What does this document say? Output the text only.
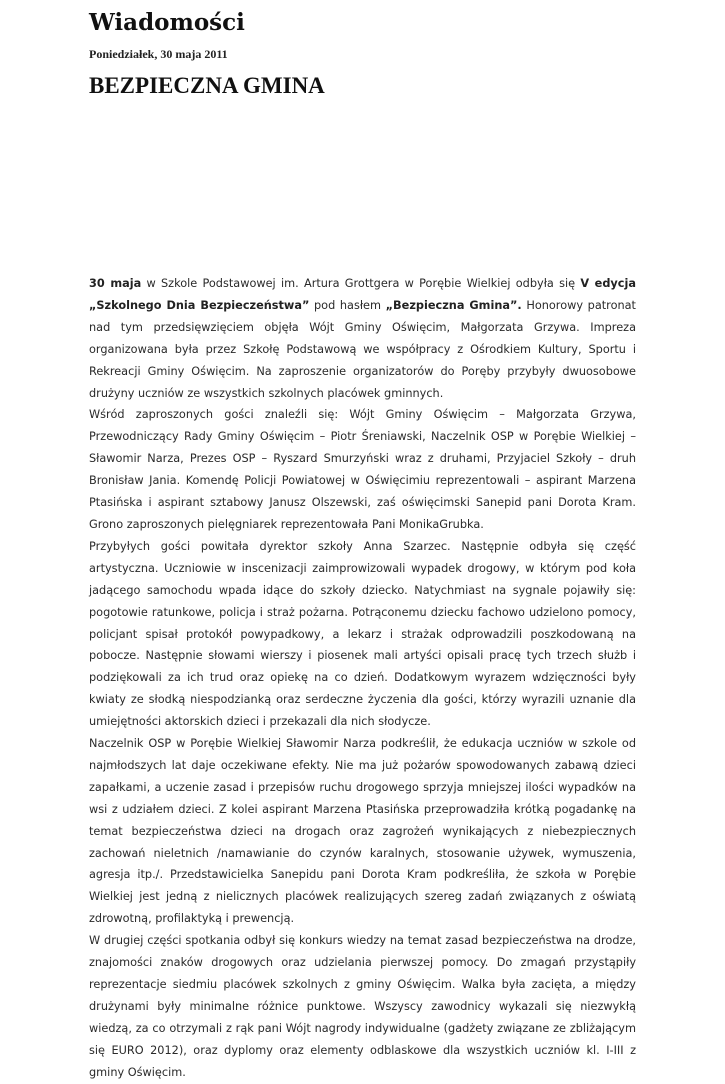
Wiadomości
Poniedziałek, 30 maja 2011
BEZPIECZNA GMINA

30 maja w Szkole Podstawowej im. Artura Grottgera w Porębie Wielkiej odbyła się V edycja „Szkolnego Dnia Bezpieczeństwa” pod hasłem „Bezpieczna Gmina”. Honorowy patronat nad tym przedsięwzięciem objęła Wójt Gminy Oświęcim, Małgorzata Grzywa. Impreza organizowana była przez Szkołę Podstawową we współpracy z Ośrodkiem Kultury, Sportu i Rekreacji Gminy Oświęcim. Na zaproszenie organizatorów do Poręby przybyły dwuosobowe drużyny uczniów ze wszystkich szkolnych placówek gminnych.

Wśród zaproszonych gości znaleźli się: Wójt Gminy Oświęcim – Małgorzata Grzywa, Przewodniczący Rady Gminy Oświęcim – Piotr Śreniawski, Naczelnik OSP w Porębie Wielkiej – Sławomir Narza, Prezes OSP – Ryszard Smurzyński wraz z druhami, Przyjaciel Szkoły – druh Bronisław Jania. Komendę Policji Powiatowej w Oświęcimiu reprezentowali – aspirant Marzena Ptasińska i aspirant sztabowy Janusz Olszewski, zaś oświęcimski Sanepid pani Dorota Kram. Grono zaproszonych pielęgniarek reprezentowała Pani MonikaGrubka.

Przybyłych gości powitała dyrektor szkoły Anna Szarzec. Następnie odbyła się część artystyczna. Uczniowie w inscenizacji zaimprowizowali wypadek drogowy, w którym pod koła jadącego samochodu wpada idące do szkoły dziecko. Natychmiast na sygnale pojawiły się: pogotowie ratunkowe, policja i straż pożarna. Potrąconemu dziecku fachowo udzielono pomocy, policjant spisał protokół powypadkowy, a lekarz i strażak odprowadzili poszkodowaną na pobocze. Następnie słowami wierszy i piosenek mali artyści opisali pracę tych trzech służb i podziękowali za ich trud oraz opiekę na co dzień. Dodatkowym wyrazem wdzięczności były kwiaty ze słodką niespodzianką oraz serdeczne życzenia dla gości, którzy wyrazili uznanie dla umiejętności aktorskich dzieci i przekazali dla nich słodycze.

Naczelnik OSP w Porębie Wielkiej Sławomir Narza podkreślił, że edukacja uczniów w szkole od najmłodszych lat daje oczekiwane efekty. Nie ma już pożarów spowodowanych zabawą dzieci zapałkami, a uczenie zasad i przepisów ruchu drogowego sprzyja mniejszej ilości wypadków na wsi z udziałem dzieci. Z kolei aspirant Marzena Ptasińska przeprowadziła krótką pogadankę na temat bezpieczeństwa dzieci na drogach oraz zagrożeń wynikających z niebezpiecznych zachowań nieletnich /namawianie do czynów karalnych, stosowanie używek, wymuszenia, agresja itp./. Przedstawicielka Sanepidu pani Dorota Kram podkreśliła, że szkoła w Porębie Wielkiej jest jedną z nielicznych placówek realizujących szereg zadań związanych z oświatą zdrowotną, profilaktyką i prewencją.

W drugiej części spotkania odbył się konkurs wiedzy na temat zasad bezpieczeństwa na drodze, znajomości znaków drogowych oraz udzielania pierwszej pomocy. Do zmagań przystąpiły reprezentacje siedmiu placówek szkolnych z gminy Oświęcim. Walka była zacięta, a między drużynami były minimalne różnice punktowe. Wszyscy zawodnicy wykazali się niezwykłą wiedzą, za co otrzymali z rąk pani Wójt nagrody indywidualne (gadżety związane ze zbliżającym się EURO 2012), oraz dyplomy oraz elementy odblaskowe dla wszystkich uczniów kl. I-III z gminy Oświęcim.
